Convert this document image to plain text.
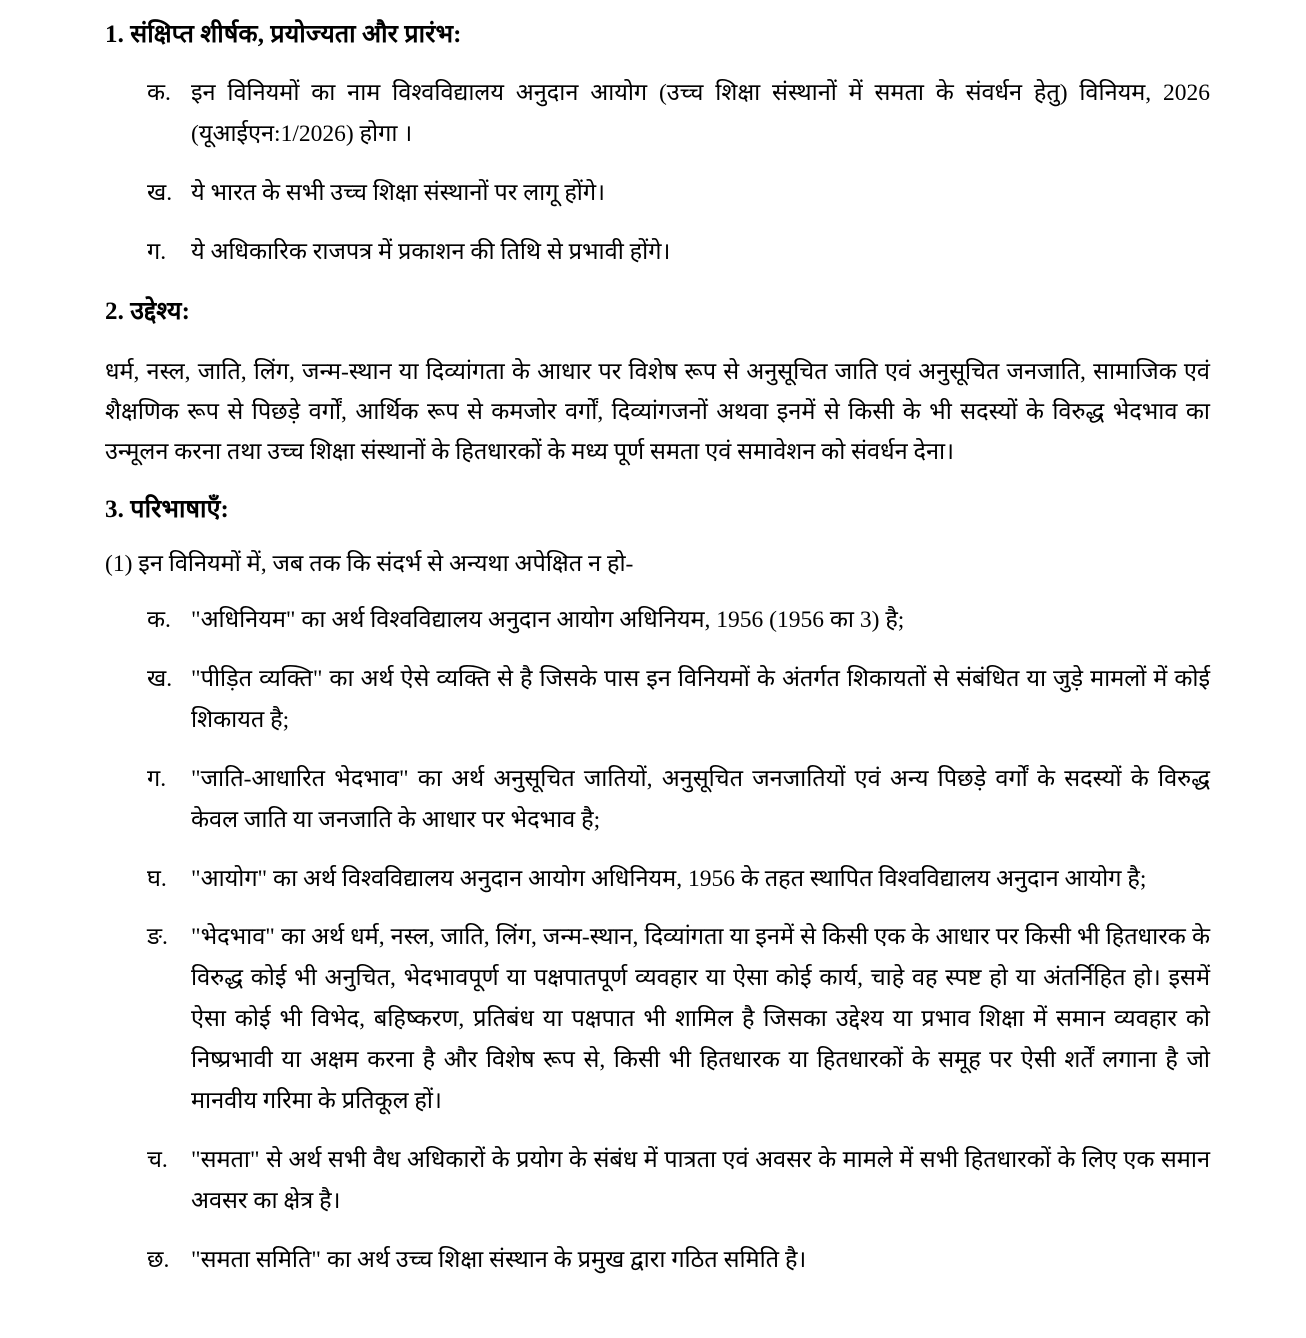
1. संक्षिप्त शीर्षक, प्रयोज्यता और प्रारंभ:
क. इन विनियमों का नाम विश्वविद्यालय अनुदान आयोग (उच्च शिक्षा संस्थानों में समता के संवर्धन हेतु) विनियम, 2026 (यूआईएन:1/2026) होगा ।
ख. ये भारत के सभी उच्च शिक्षा संस्थानों पर लागू होंगे।
ग.	ये अधिकारिक राजपत्र में प्रकाशन की तिथि से प्रभावी होंगे।
2. उद्देश्य:

धर्म, नस्ल, जाति, लिंग, जन्म-स्थान या दिव्यांगता के आधार पर विशेष रूप से अनुसूचित जाति एवं अनुसूचित जनजाति, सामाजिक एवं शैक्षणिक रूप से पिछड़े वर्गों, आर्थिक रूप से कमजोर वर्गों, दिव्यांगजनों अथवा इनमें से किसी के भी सदस्यों के विरुद्ध भेदभाव का उन्मूलन करना तथा उच्च शिक्षा संस्थानों के हितधारकों के मध्य पूर्ण समता एवं समावेशन को संवर्धन देना।

3. परिभाषाएँ:

(1) इन विनियमों में, जब तक कि संदर्भ से अन्यथा अपेक्षित न हो-

क. "अधिनियम" का अर्थ विश्वविद्यालय अनुदान आयोग अधिनियम, 1956 (1956 का 3) है;
ख. "पीड़ित व्यक्ति" का अर्थ ऐसे व्यक्ति से है जिसके पास इन विनियमों के अंतर्गत शिकायतों से संबंधित या जुड़े मामलों में कोई शिकायत है;
ग.	"जाति-आधारित भेदभाव" का अर्थ अनुसूचित जातियों, अनुसूचित जनजातियों एवं अन्य पिछड़े वर्गों के सदस्यों के विरुद्ध केवल जाति या जनजाति के आधार पर भेदभाव है;
घ.	"आयोग" का अर्थ विश्वविद्यालय अनुदान आयोग अधिनियम, 1956 के तहत स्थापित विश्वविद्यालय अनुदान आयोग है;
ङ. "भेदभाव" का अर्थ धर्म, नस्ल, जाति, लिंग, जन्म-स्थान, दिव्यांगता या इनमें से किसी एक के आधार पर किसी भी हितधारक के विरुद्ध कोई भी अनुचित, भेदभावपूर्ण या पक्षपातपूर्ण व्यवहार या ऐसा कोई कार्य, चाहे वह स्पष्ट हो या अंतर्निहित हो। इसमें ऐसा कोई भी विभेद, बहिष्करण, प्रतिबंध या पक्षपात भी शामिल है जिसका उद्देश्य या प्रभाव शिक्षा में समान व्यवहार को निष्प्रभावी या अक्षम करना है और विशेष रूप से, किसी भी हितधारक या हितधारकों के समूह पर ऐसी शर्तें लगाना है जो मानवीय गरिमा के प्रतिकूल हों।
च. "समता" से अर्थ सभी वैध अधिकारों के प्रयोग के संबंध में पात्रता एवं अवसर के मामले में सभी हितधारकों के लिए एक समान अवसर का क्षेत्र है।
छ. "समता समिति" का अर्थ उच्च शिक्षा संस्थान के प्रमुख द्वारा गठित समिति है।
